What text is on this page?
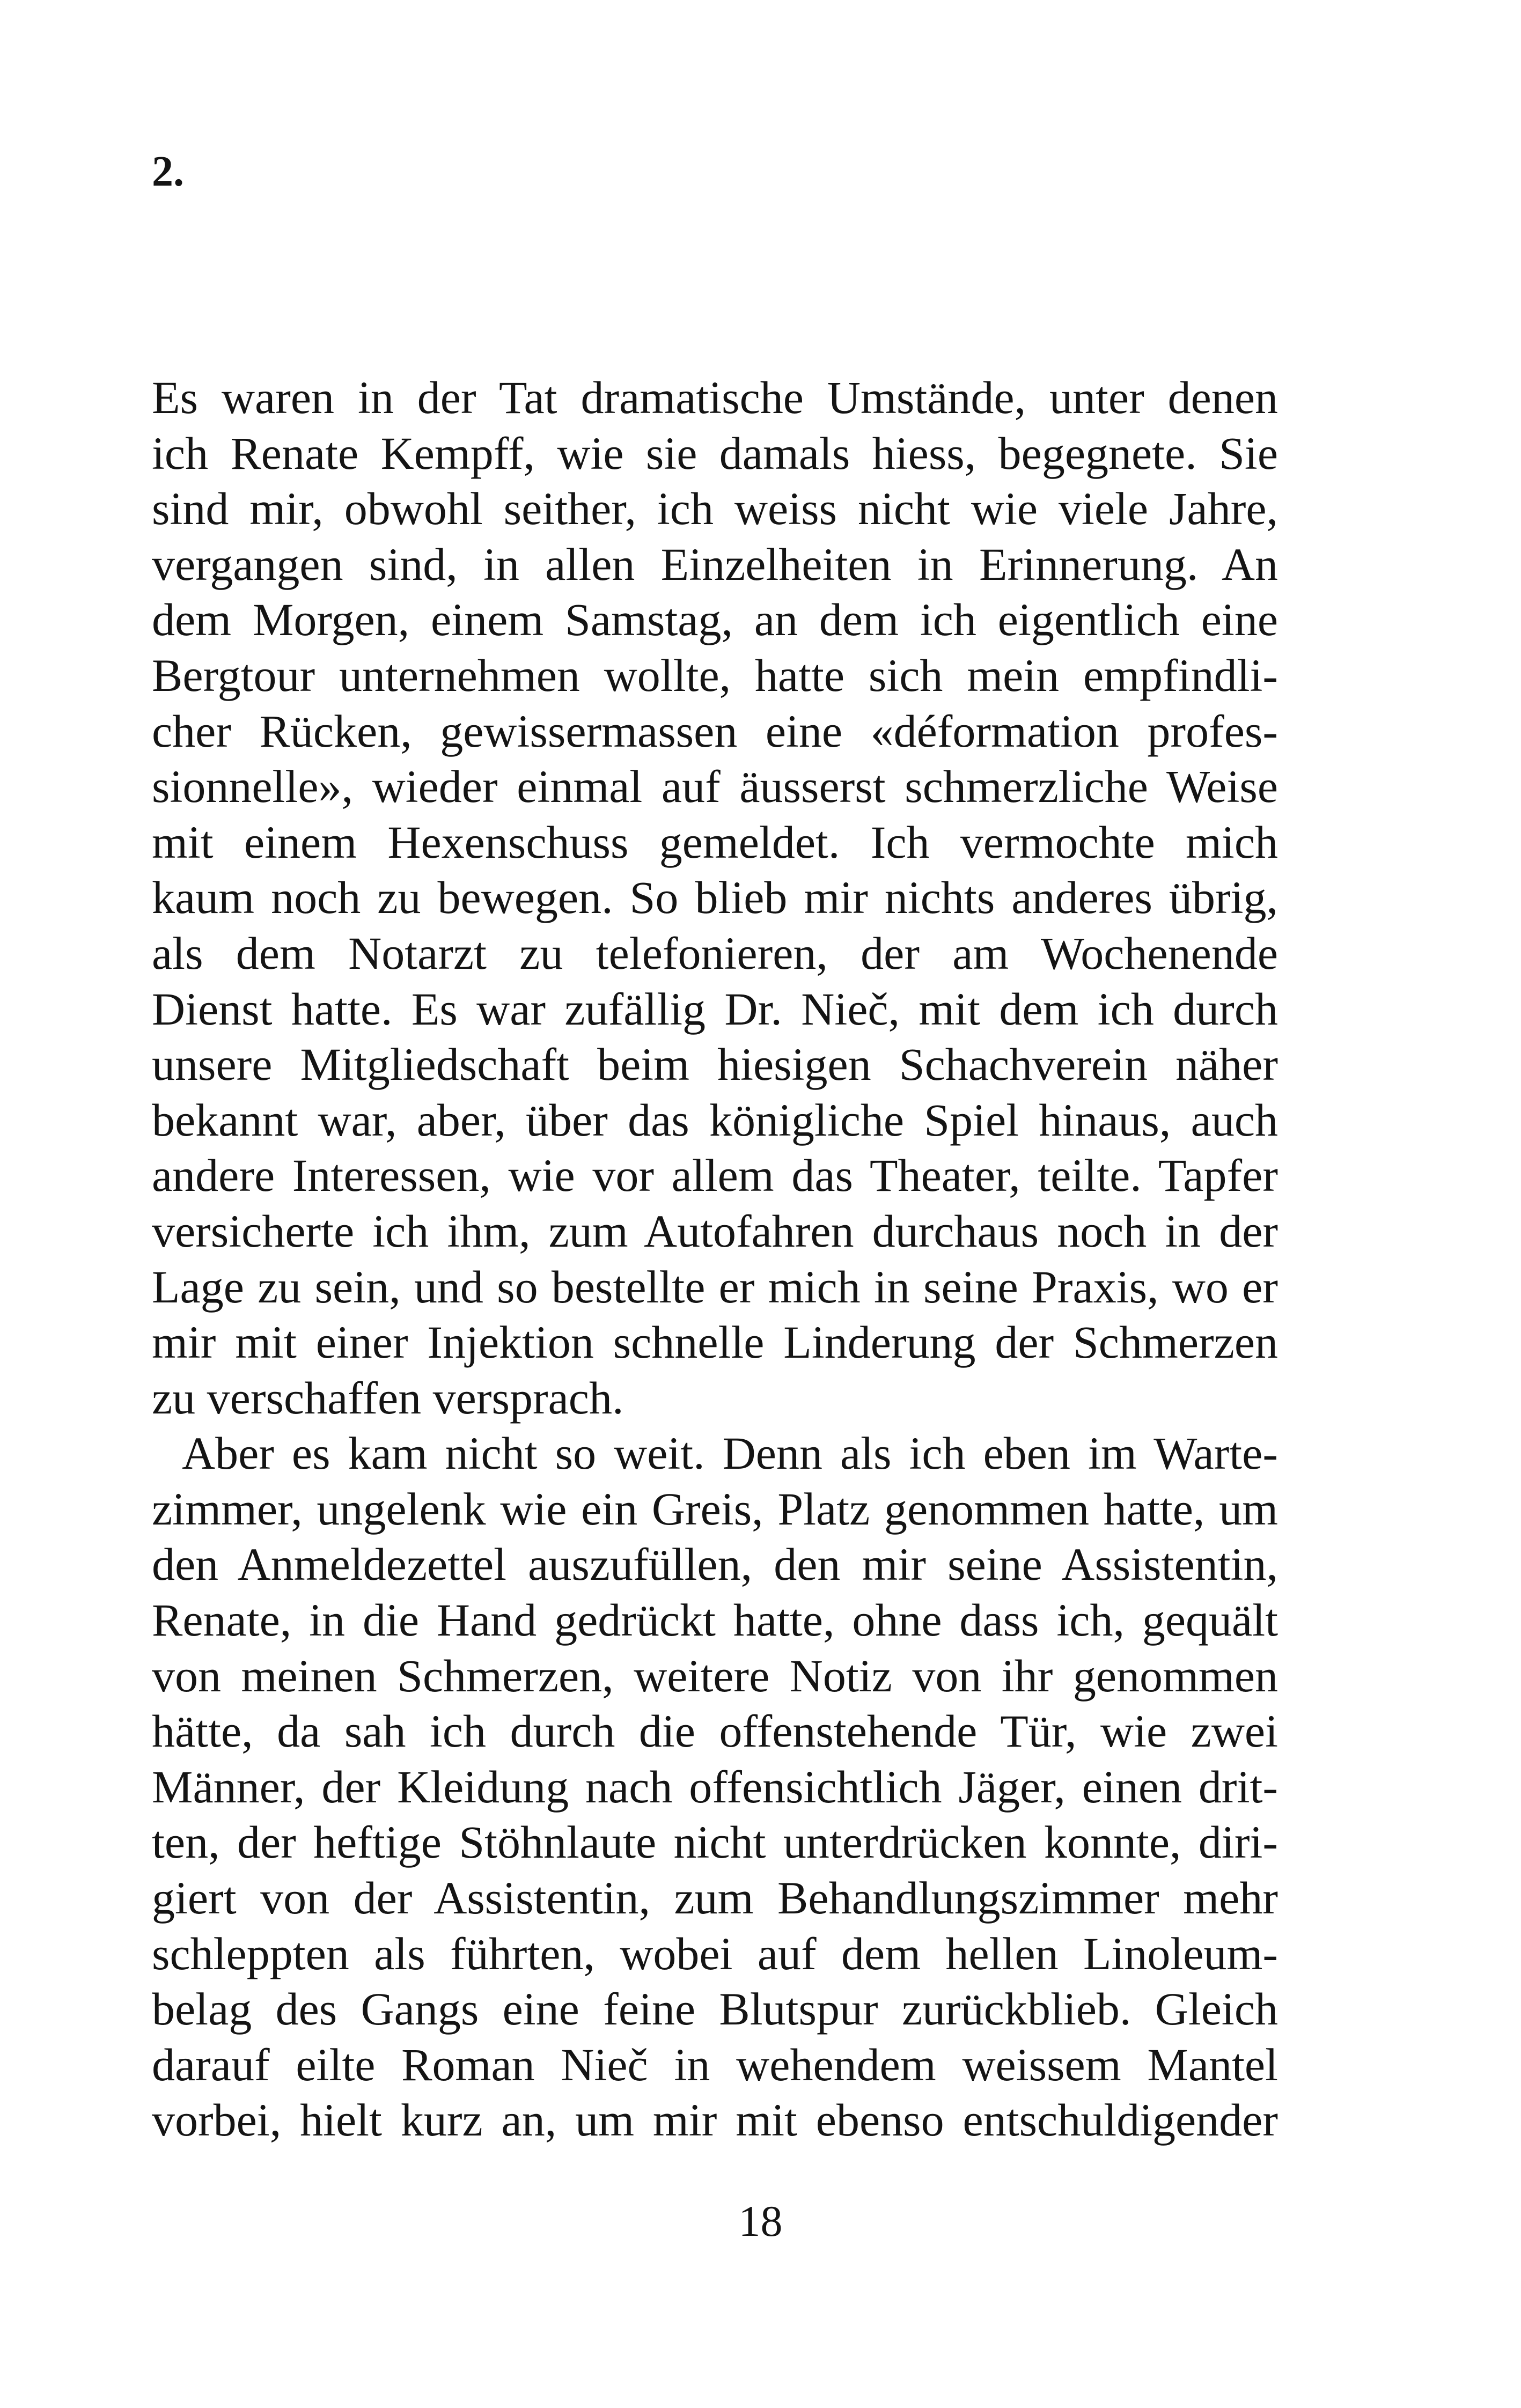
2.

Es waren in der Tat dramatische Umstände, unter denen
ich Renate Kempff, wie sie damals hiess, begegnete. Sie
sind mir, obwohl seither, ich weiss nicht wie viele Jahre,
vergangen sind, in allen Einzelheiten in Erinnerung. An
dem Morgen, einem Samstag, an dem ich eigentlich eine
Bergtour unternehmen wollte, hatte sich mein empfindli-
cher Rücken, gewissermassen eine «déformation profes-
sionnelle», wieder einmal auf äusserst schmerzliche Weise
mit einem Hexenschuss gemeldet. Ich vermochte mich
kaum noch zu bewegen. So blieb mir nichts anderes übrig,
als dem Notarzt zu telefonieren, der am Wochenende
Dienst hatte. Es war zufällig Dr. Nieč, mit dem ich durch
unsere Mitgliedschaft beim hiesigen Schachverein näher
bekannt war, aber, über das königliche Spiel hinaus, auch
andere Interessen, wie vor allem das Theater, teilte. Tapfer
versicherte ich ihm, zum Autofahren durchaus noch in der
Lage zu sein, und so bestellte er mich in seine Praxis, wo er
mir mit einer Injektion schnelle Linderung der Schmerzen
zu verschaffen versprach.

Aber es kam nicht so weit. Denn als ich eben im Warte-
zimmer, ungelenk wie ein Greis, Platz genommen hatte, um
den Anmeldezettel auszufüllen, den mir seine Assistentin,
Renate, in die Hand gedrückt hatte, ohne dass ich, gequält
von meinen Schmerzen, weitere Notiz von ihr genommen
hätte, da sah ich durch die offenstehende Tür, wie zwei
Männer, der Kleidung nach offensichtlich Jäger, einen drit-
ten, der heftige Stöhnlaute nicht unterdrücken konnte, diri-
giert von der Assistentin, zum Behandlungszimmer mehr
schleppten als führten, wobei auf dem hellen Linoleum-
belag des Gangs eine feine Blutspur zurückblieb. Gleich
darauf eilte Roman Nieč in wehendem weissem Mantel
vorbei, hielt kurz an, um mir mit ebenso entschuldigender

18
